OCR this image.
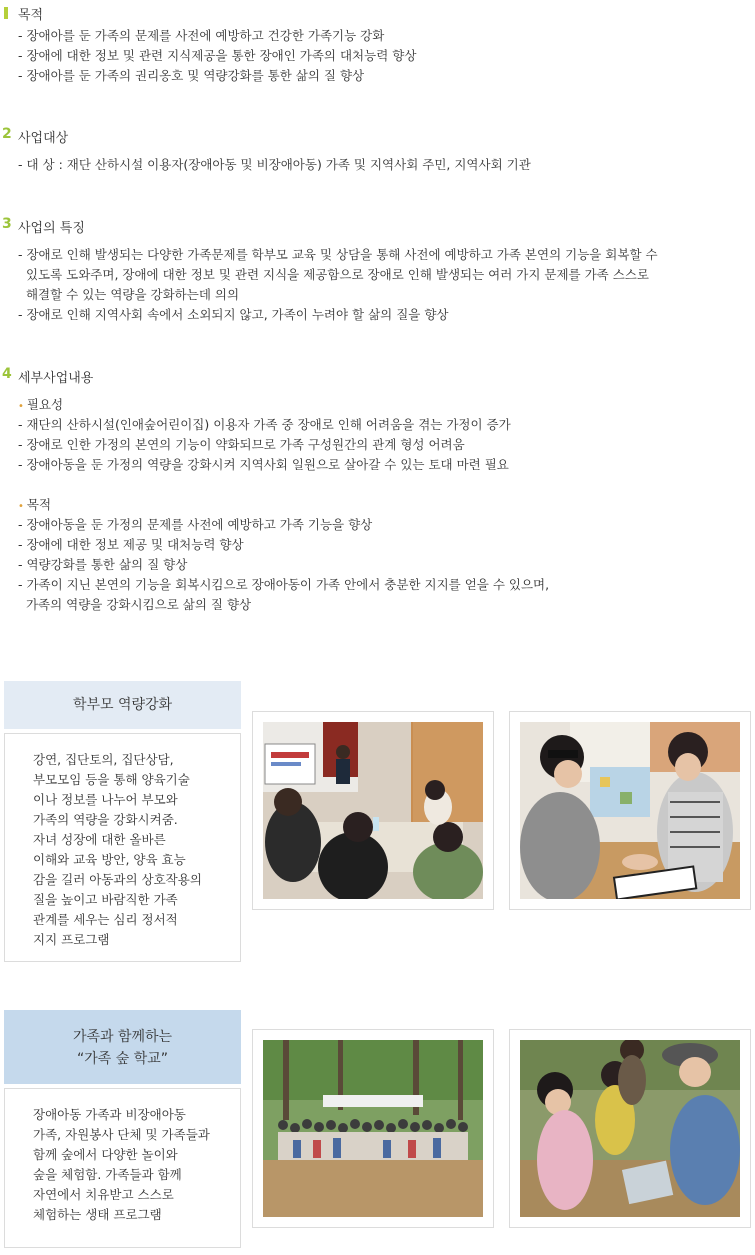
목적
- 장애아를 둔 가족의 문제를 사전에 예방하고 건강한 가족기능 강화
- 장애에 대한 정보 및 관련 지식제공을 통한 장애인 가족의 대처능력 향상
- 장애아를 둔 가족의 권리옹호 및 역량강화를 통한 삶의 질 향상
2 사업대상
- 대 상 : 재단 산하시설 이용자(장애아동 및 비장애아동) 가족 및 지역사회 주민, 지역사회 기관
3 사업의 특징
- 장애로 인해 발생되는 다양한 가족문제를 학부모 교육 및 상담을 통해 사전에 예방하고 가족 본연의 기능을 회복할 수
있도록 도와주며, 장애에 대한 정보 및 관련 지식을 제공함으로 장애로 인해 발생되는 여러 가지 문제를 가족 스스로
해결할 수 있는 역량을 강화하는데 의의
- 장애로 인해 지역사회 속에서 소외되지 않고, 가족이 누려야 할 삶의 질을 향상
4 세부사업내용
• 필요성
- 재단의 산하시설(인애숲어린이집) 이용자 가족 중 장애로 인해 어려움을 겪는 가정이 증가
- 장애로 인한 가정의 본연의 기능이 약화되므로 가족 구성원간의 관계 형성 어려움
- 장애아동을 둔 가정의 역량을 강화시켜 지역사회 일원으로 살아갈 수 있는 토대 마련 필요
• 목적
- 장애아동을 둔 가정의 문제를 사전에 예방하고 가족 기능을 향상
- 장애에 대한 정보 제공 및 대처능력 향상
- 역량강화를 통한 삶의 질 향상
- 가족이 지닌 본연의 기능을 회복시킴으로 장애아동이 가족 안에서 충분한 지지를 얻을 수 있으며,
가족의 역량을 강화시킴으로 삶의 질 향상
학부모 역량강화
강연, 집단토의, 집단상담,
부모모임 등을 통해 양육기술
이나 정보를 나누어 부모와
가족의 역량을 강화시켜줌.
자녀 성장에 대한 올바른
이해와 교육 방안, 양육 효능
감을 길러 아동과의 상호작용의
질을 높이고 바람직한 가족
관계를 세우는 심리 정서적
지지 프로그램
가족과 함께하는
“가족 숲 학교”
장애아동 가족과 비장애아동
가족, 자원봉사 단체 및 가족들과
함께 숲에서 다양한 놀이와
숲을 체험함. 가족들과 함께
자연에서 치유받고 스스로
체험하는 생태 프로그램
